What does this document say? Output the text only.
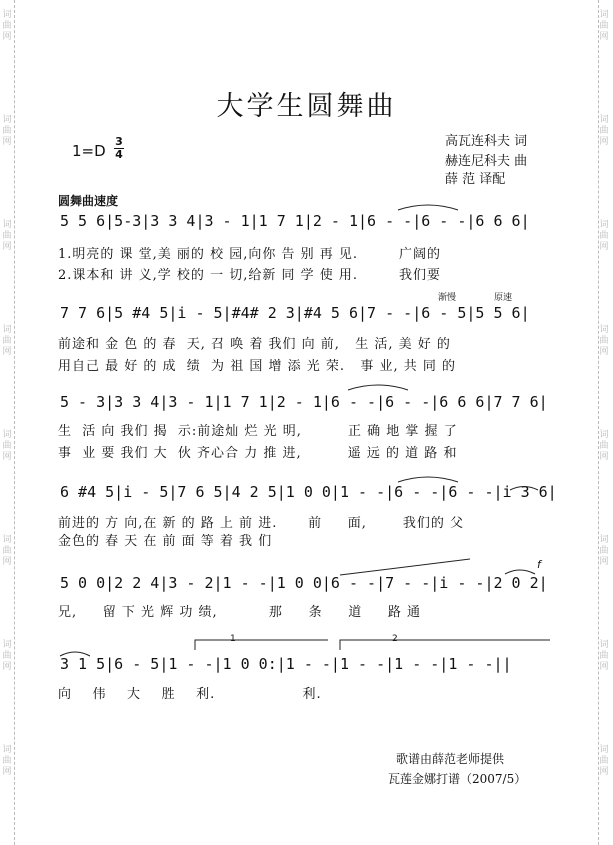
词
曲
网
词
曲
网
词
曲
网
词
曲
网
词
曲
网
词
曲
网
词
曲
网
词
曲
网
词
曲
网
词
曲
网
词
曲
网
词
曲
网
词
曲
网
词
曲
网
词
曲
网
词
曲
网
大学生圆舞曲
1=D
3
4
高瓦连科夫 词
赫连尼科夫 曲
薛 范 译配
圆舞曲速度
5 5 6|5-3|3 3 4|3 - 1|1 7 1|2 - 1|6 - -|6 - -|6 6 6|
1.明亮的 课 堂,美 丽的 校 园,向你 告 别 再 见.        广阔的
2.课本和 讲 义,学 校的 一 切,给新 同 学 使 用.        我们要
渐慢	原速
7 7 6|5 #4 5|i - 5|#4# 2 3|#4 5 6|7 - -|6 - 5|5 5 6|
前途和 金 色 的 春  天, 召 唤 着 我们 向 前,   生 活, 美 好 的
用自己 最 好 的 成  绩  为 祖 国 增 添 光 荣.   事 业, 共 同 的
5 - 3|3 3 4|3 - 1|1 7 1|2 - 1|6 - -|6 - -|6 6 6|7 7 6|
生  活 向 我们 揭  示:前途灿 烂 光 明,         正 确 地 掌 握 了
事  业 要 我们 大  伙 齐心合 力 推 进,         遥 远 的 道 路 和
6 #4 5|i - 5|7 6 5|4 2 5|1 0 0|1 - -|6 - -|6 - -|i 3 6|
前进的 方 向,在 新 的 路 上 前 进.      前     面,       我们的 父
金色的 春 天 在 前 面 等 着 我 们
f
5 0 0|2 2 4|3 - 2|1 - -|1 0 0|6 - -|7 - -|i - -|2 0 2|
兄,     留 下 光 辉 功 绩,          那     条     道     路 通
1	2
3 1 5|6 - 5|1 - -|1 0 0:|1 - -|1 - -|1 - -|1 - -||
向    伟    大    胜    利.                 利.
歌谱由薛范老师提供
瓦莲金娜打谱（2007/5）
